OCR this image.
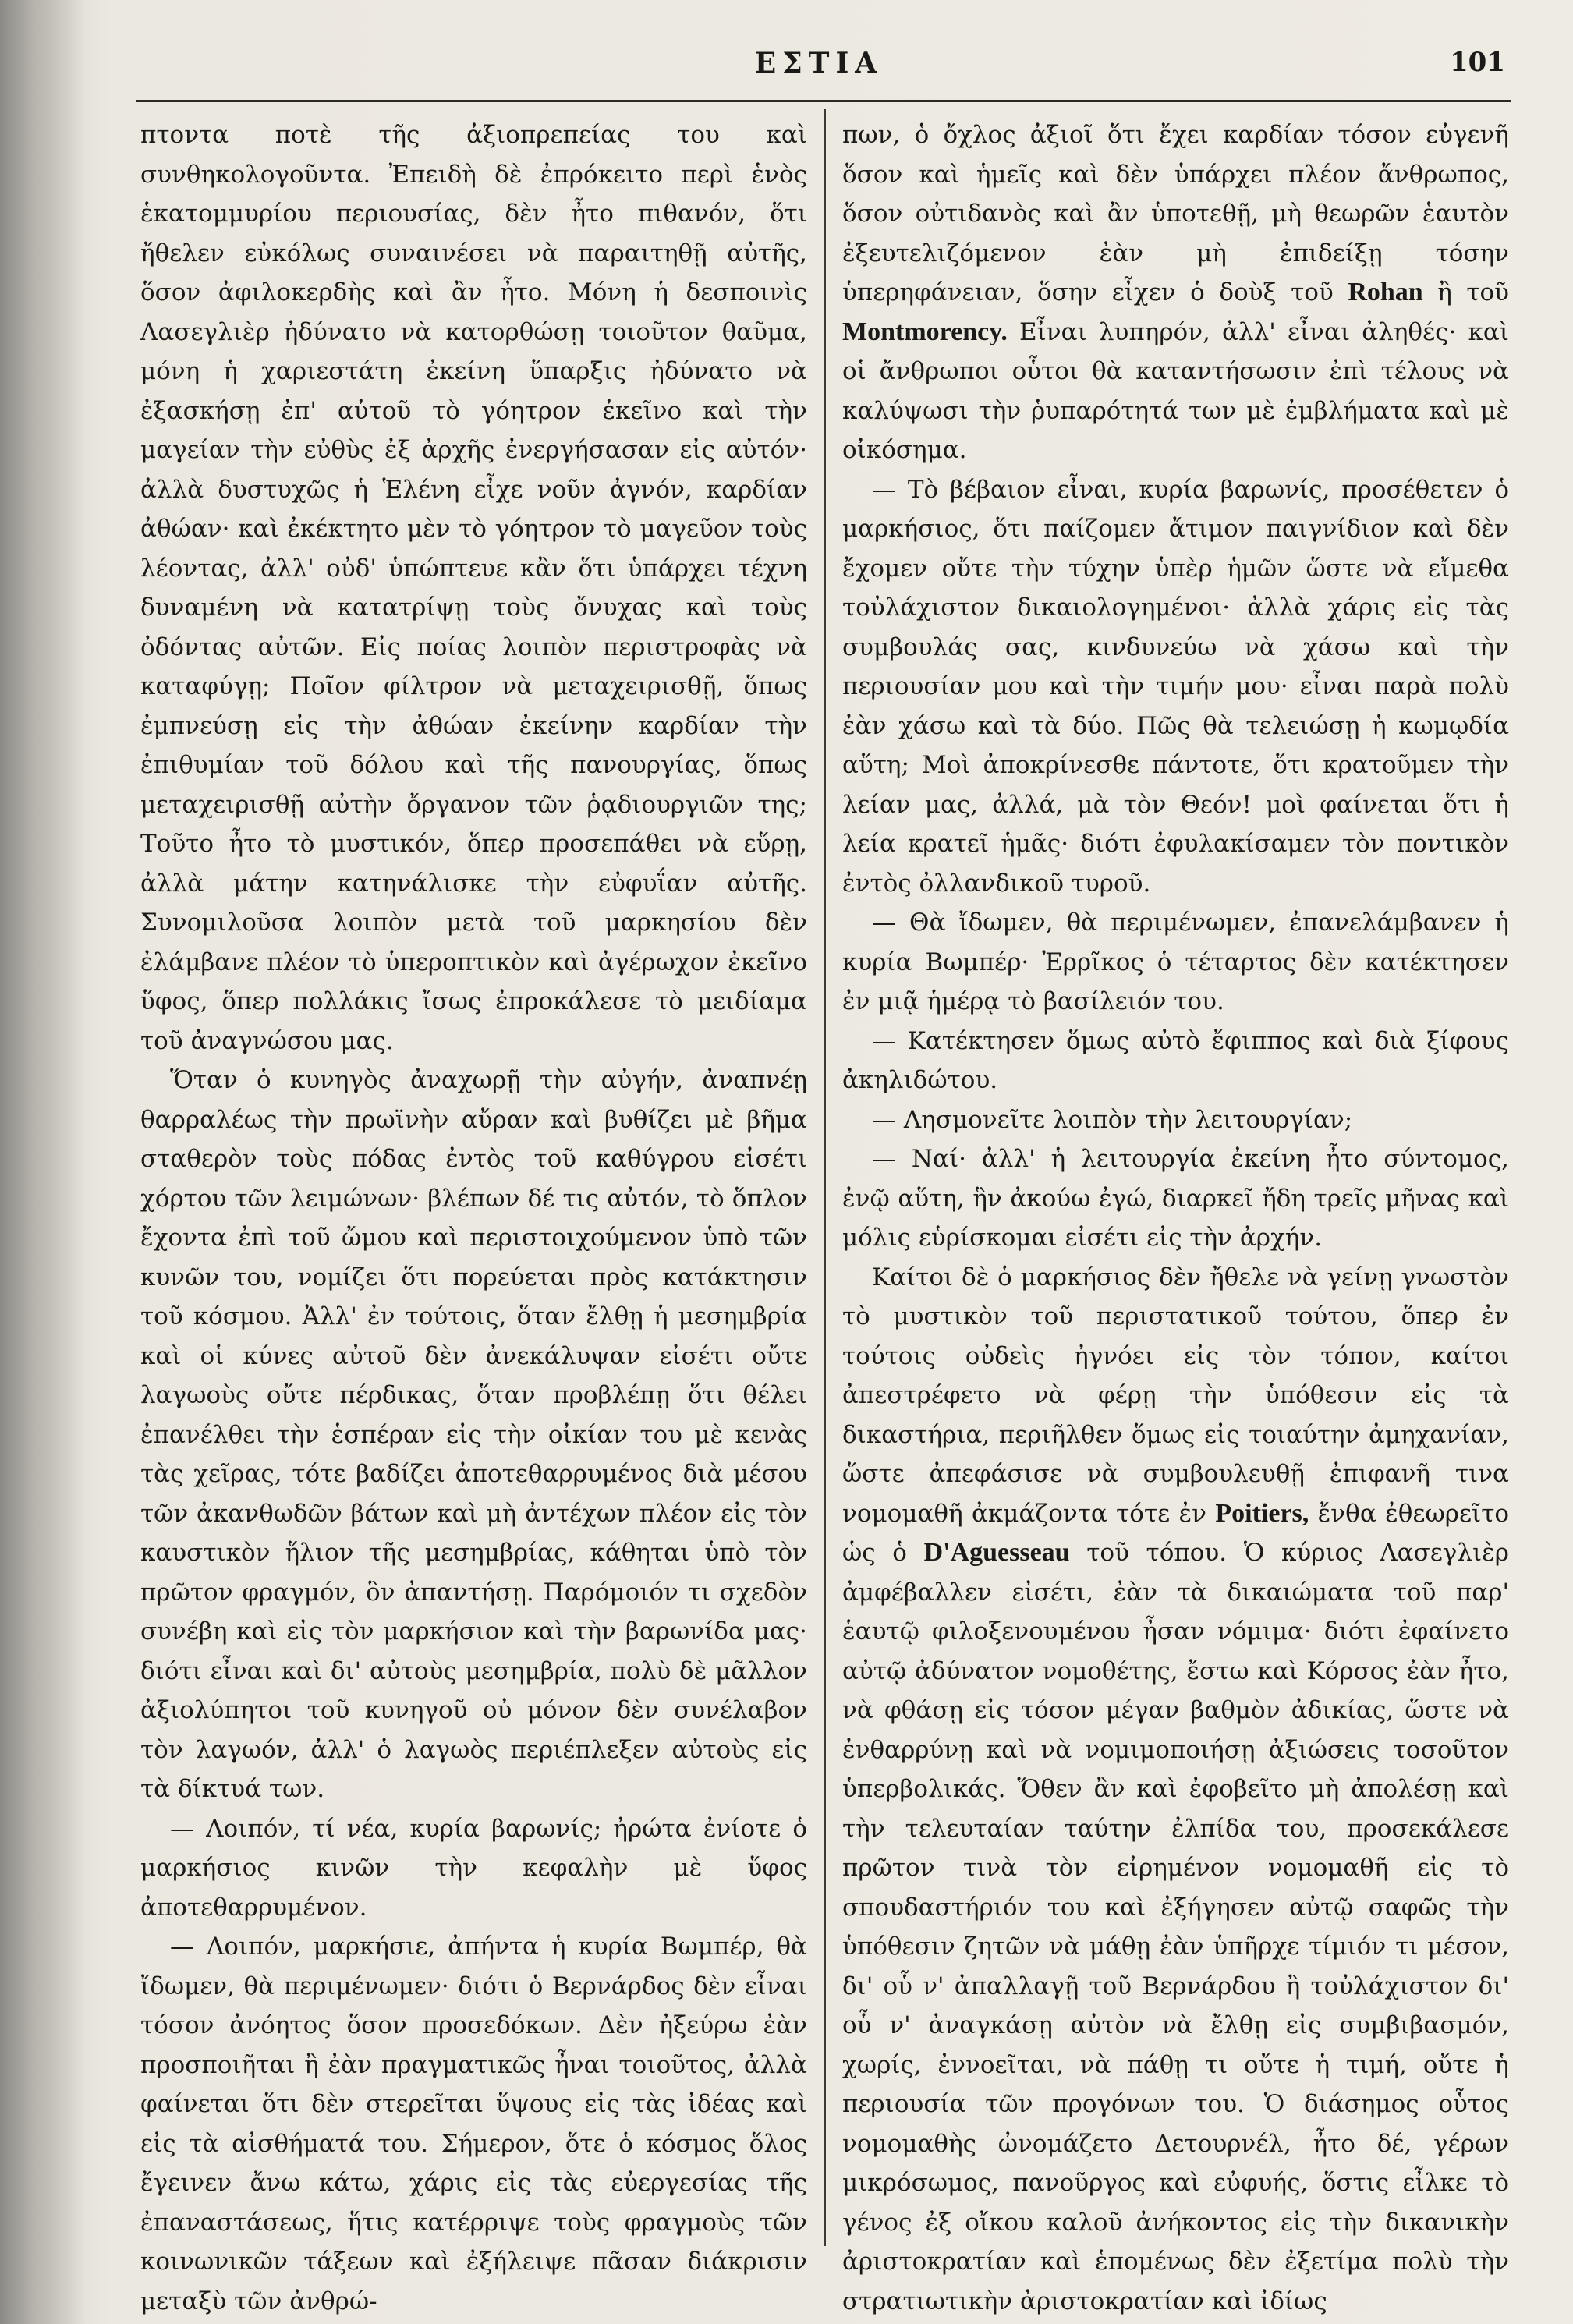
ΕΣΤΙΑ	101

πτοντα ποτὲ τῆς ἀξιοπρεπείας του καὶ συνθηκολογοῦντα. Ἐπειδὴ δὲ ἐπρόκειτο περὶ ἑνὸς ἑκατομμυρίου περιουσίας, δὲν ἦτο πιθανόν, ὅτι ἤθελεν εὐκόλως συναινέσει νὰ παραιτηθῇ αὐτῆς, ὅσον ἀφιλοκερδὴς καὶ ἂν ἦτο. Μόνη ἡ δεσποινὶς Λασεγλιὲρ ἠδύνατο νὰ κατορθώσῃ τοιοῦτον θαῦμα, μόνη ἡ χαριεστάτη ἐκείνη ὕπαρξις ἠδύνατο νὰ ἐξασκήσῃ ἐπ' αὐτοῦ τὸ γόητρον ἐκεῖνο καὶ τὴν μαγείαν τὴν εὐθὺς ἐξ ἀρχῆς ἐνεργήσασαν εἰς αὐτόν· ἀλλὰ δυστυχῶς ἡ Ἑλένη εἶχε νοῦν ἀγνόν, καρδίαν ἀθώαν· καὶ ἐκέκτητο μὲν τὸ γόητρον τὸ μαγεῦον τοὺς λέοντας, ἀλλ' οὐδ' ὑπώπτευε κἂν ὅτι ὑπάρχει τέχνη δυναμένη νὰ κατατρίψῃ τοὺς ὄνυχας καὶ τοὺς ὀδόντας αὐτῶν. Εἰς ποίας λοιπὸν περιστροφὰς νὰ καταφύγῃ; Ποῖον φίλτρον νὰ μεταχειρισθῇ, ὅπως ἐμπνεύσῃ εἰς τὴν ἀθώαν ἐκείνην καρδίαν τὴν ἐπιθυμίαν τοῦ δόλου καὶ τῆς πανουργίας, ὅπως μεταχειρισθῇ αὐτὴν ὄργανον τῶν ῥᾳδιουργιῶν της; Τοῦτο ἦτο τὸ μυστικόν, ὅπερ προσεπάθει νὰ εὕρῃ, ἀλλὰ μάτην κατηνάλισκε τὴν εὐφυΐαν αὐτῆς. Συνομιλοῦσα λοιπὸν μετὰ τοῦ μαρκησίου δὲν ἐλάμβανε πλέον τὸ ὑπεροπτικὸν καὶ ἀγέρωχον ἐκεῖνο ὕφος, ὅπερ πολλάκις ἴσως ἐπροκάλεσε τὸ μειδίαμα τοῦ ἀναγνώσου μας.

Ὅταν ὁ κυνηγὸς ἀναχωρῇ τὴν αὐγήν, ἀναπνέῃ θαρραλέως τὴν πρωϊνὴν αὔραν καὶ βυθίζει μὲ βῆμα σταθερὸν τοὺς πόδας ἐντὸς τοῦ καθύγρου εἰσέτι χόρτου τῶν λειμώνων· βλέπων δέ τις αὐτόν, τὸ ὅπλον ἔχοντα ἐπὶ τοῦ ὤμου καὶ περιστοιχούμενον ὑπὸ τῶν κυνῶν του, νομίζει ὅτι πορεύεται πρὸς κατάκτησιν τοῦ κόσμου. Ἀλλ' ἐν τούτοις, ὅταν ἔλθῃ ἡ μεσημβρία καὶ οἱ κύνες αὐτοῦ δὲν ἀνεκάλυψαν εἰσέτι οὔτε λαγωοὺς οὔτε πέρδικας, ὅταν προβλέπῃ ὅτι θέλει ἐπανέλθει τὴν ἑσπέραν εἰς τὴν οἰκίαν του μὲ κενὰς τὰς χεῖρας, τότε βαδίζει ἀποτεθαρρυμένος διὰ μέσου τῶν ἀκανθωδῶν βάτων καὶ μὴ ἀντέχων πλέον εἰς τὸν καυστικὸν ἥλιον τῆς μεσημβρίας, κάθηται ὑπὸ τὸν πρῶτον φραγμόν, ὃν ἀπαντήσῃ. Παρόμοιόν τι σχεδὸν συνέβη καὶ εἰς τὸν μαρκήσιον καὶ τὴν βαρωνίδα μας· διότι εἶναι καὶ δι' αὐτοὺς μεσημβρία, πολὺ δὲ μᾶλλον ἀξιολύπητοι τοῦ κυνηγοῦ οὐ μόνον δὲν συνέλαβον τὸν λαγωόν, ἀλλ' ὁ λαγωὸς περιέπλεξεν αὐτοὺς εἰς τὰ δίκτυά των.

— Λοιπόν, τί νέα, κυρία βαρωνίς; ἠρώτα ἐνίοτε ὁ μαρκήσιος κινῶν τὴν κεφαλὴν μὲ ὕφος ἀποτεθαρρυμένον.

— Λοιπόν, μαρκήσιε, ἀπήντα ἡ κυρία Βωμπέρ, θὰ ἴδωμεν, θὰ περιμένωμεν· διότι ὁ Βερνάρδος δὲν εἶναι τόσον ἀνόητος ὅσον προσεδόκων. Δὲν ἠξεύρω ἐὰν προσποιῆται ἢ ἐὰν πραγματικῶς ἦναι τοιοῦτος, ἀλλὰ φαίνεται ὅτι δὲν στερεῖται ὕψους εἰς τὰς ἰδέας καὶ εἰς τὰ αἰσθήματά του. Σήμερον, ὅτε ὁ κόσμος ὅλος ἔγεινεν ἄνω κάτω, χάρις εἰς τὰς εὐεργεσίας τῆς ἐπαναστάσεως, ἥτις κατέρριψε τοὺς φραγμοὺς τῶν κοινωνικῶν τάξεων καὶ ἐξήλειψε πᾶσαν διάκρισιν μεταξὺ τῶν ἀνθρώ-

πων, ὁ ὄχλος ἀξιοῖ ὅτι ἔχει καρδίαν τόσον εὐγενῆ ὅσον καὶ ἡμεῖς καὶ δὲν ὑπάρχει πλέον ἄνθρωπος, ὅσον οὐτιδανὸς καὶ ἂν ὑποτεθῇ, μὴ θεωρῶν ἑαυτὸν ἐξευτελιζόμενον ἐὰν μὴ ἐπιδείξῃ τόσην ὑπερηφάνειαν, ὅσην εἶχεν ὁ δοὺξ τοῦ Rohan ἢ τοῦ Montmorency. Εἶναι λυπηρόν, ἀλλ' εἶναι ἀληθές· καὶ οἱ ἄνθρωποι οὗτοι θὰ καταντήσωσιν ἐπὶ τέλους νὰ καλύψωσι τὴν ῥυπαρότητά των μὲ ἐμβλήματα καὶ μὲ οἰκόσημα.

— Τὸ βέβαιον εἶναι, κυρία βαρωνίς, προσέθετεν ὁ μαρκήσιος, ὅτι παίζομεν ἄτιμον παιγνίδιον καὶ δὲν ἔχομεν οὔτε τὴν τύχην ὑπὲρ ἡμῶν ὥστε νὰ εἴμεθα τοὐλάχιστον δικαιολογημένοι· ἀλλὰ χάρις εἰς τὰς συμβουλάς σας, κινδυνεύω νὰ χάσω καὶ τὴν περιουσίαν μου καὶ τὴν τιμήν μου· εἶναι παρὰ πολὺ ἐὰν χάσω καὶ τὰ δύο. Πῶς θὰ τελειώσῃ ἡ κωμῳδία αὕτη; Μοὶ ἀποκρίνεσθε πάντοτε, ὅτι κρατοῦμεν τὴν λείαν μας, ἀλλά, μὰ τὸν Θεόν! μοὶ φαίνεται ὅτι ἡ λεία κρατεῖ ἡμᾶς· διότι ἐφυλακίσαμεν τὸν ποντικὸν ἐντὸς ὀλλανδικοῦ τυροῦ.

— Θὰ ἴδωμεν, θὰ περιμένωμεν, ἐπανελάμβανεν ἡ κυρία Βωμπέρ· Ἐρρῖκος ὁ τέταρτος δὲν κατέκτησεν ἐν μιᾷ ἡμέρᾳ τὸ βασίλειόν του.

— Κατέκτησεν ὅμως αὐτὸ ἔφιππος καὶ διὰ ξίφους ἀκηλιδώτου.

— Λησμονεῖτε λοιπὸν τὴν λειτουργίαν;

— Ναί· ἀλλ' ἡ λειτουργία ἐκείνη ἦτο σύντομος, ἐνῷ αὕτη, ἣν ἀκούω ἐγώ, διαρκεῖ ἤδη τρεῖς μῆνας καὶ μόλις εὑρίσκομαι εἰσέτι εἰς τὴν ἀρχήν.

Καίτοι δὲ ὁ μαρκήσιος δὲν ἤθελε νὰ γείνῃ γνωστὸν τὸ μυστικὸν τοῦ περιστατικοῦ τούτου, ὅπερ ἐν τούτοις οὐδεὶς ἠγνόει εἰς τὸν τόπον, καίτοι ἀπεστρέφετο νὰ φέρῃ τὴν ὑπόθεσιν εἰς τὰ δικαστήρια, περιῆλθεν ὅμως εἰς τοιαύτην ἀμηχανίαν, ὥστε ἀπεφάσισε νὰ συμβουλευθῇ ἐπιφανῆ τινα νομομαθῆ ἀκμάζοντα τότε ἐν Poitiers, ἔνθα ἐθεωρεῖτο ὡς ὁ D'Aguesseau τοῦ τόπου. Ὁ κύριος Λασεγλιὲρ ἀμφέβαλλεν εἰσέτι, ἐὰν τὰ δικαιώματα τοῦ παρ' ἑαυτῷ φιλοξενουμένου ἦσαν νόμιμα· διότι ἐφαίνετο αὐτῷ ἀδύνατον νομοθέτης, ἔστω καὶ Κόρσος ἐὰν ἦτο, νὰ φθάσῃ εἰς τόσον μέγαν βαθμὸν ἀδικίας, ὥστε νὰ ἐνθαρρύνῃ καὶ νὰ νομιμοποιήσῃ ἀξιώσεις τοσοῦτον ὑπερβολικάς. Ὅθεν ἂν καὶ ἐφοβεῖτο μὴ ἀπολέσῃ καὶ τὴν τελευταίαν ταύτην ἐλπίδα του, προσεκάλεσε πρῶτον τινὰ τὸν εἰρημένον νομομαθῆ εἰς τὸ σπουδαστήριόν του καὶ ἐξήγησεν αὐτῷ σαφῶς τὴν ὑπόθεσιν ζητῶν νὰ μάθῃ ἐὰν ὑπῆρχε τίμιόν τι μέσον, δι' οὗ ν' ἀπαλλαγῇ τοῦ Βερνάρδου ἢ τοὐλάχιστον δι' οὗ ν' ἀναγκάσῃ αὐτὸν νὰ ἔλθῃ εἰς συμβιβασμόν, χωρίς, ἐννοεῖται, νὰ πάθῃ τι οὔτε ἡ τιμή, οὔτε ἡ περιουσία τῶν προγόνων του. Ὁ διάσημος οὗτος νομομαθὴς ὠνομάζετο Δετουρνέλ, ἦτο δέ, γέρων μικρόσωμος, πανοῦργος καὶ εὐφυής, ὅστις εἶλκε τὸ γένος ἐξ οἴκου καλοῦ ἀνήκοντος εἰς τὴν δικανικὴν ἀριστοκρατίαν καὶ ἑπομένως δὲν ἐξετίμα πολὺ τὴν στρατιωτικὴν ἀριστοκρατίαν καὶ ἰδίως
